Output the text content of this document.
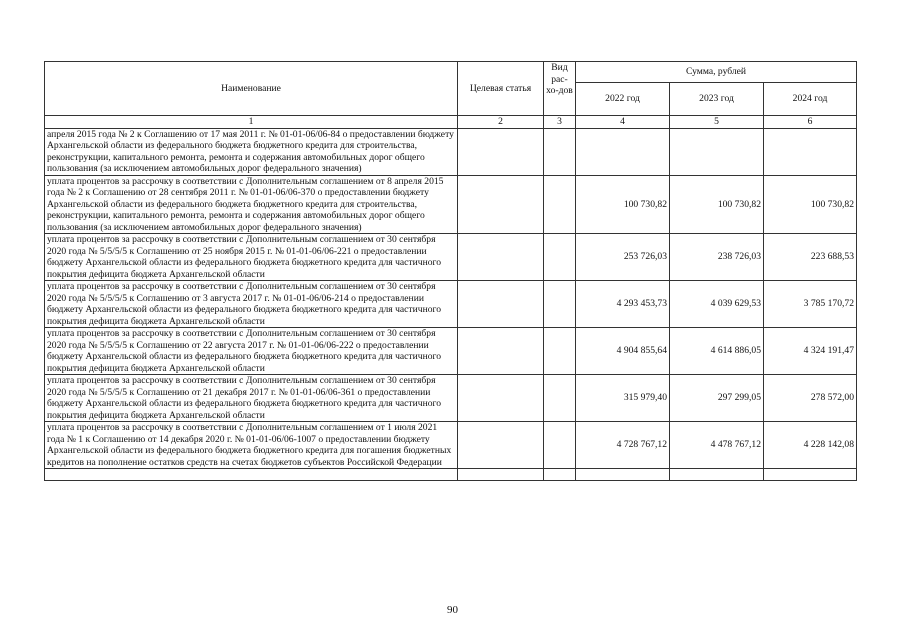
Наименование	Целевая статья	Вид рас-хо-дов	Сумма, рублей		
			2022 год	2023 год	2024 год
1	2	3	4	5	6
апреля 2015 года № 2 к Соглашению от 17 мая 2011 г. № 01-01-06/06-84 о предоставлении бюджету Архангельской области из федерального бюджета бюджетного кредита для строительства, реконструкции, капитального ремонта, ремонта и содержания автомобильных дорог общего пользования (за исключением автомобильных дорог федерального значения)					
уплата процентов за рассрочку в соответствии с Дополнительным соглашением от 8 апреля 2015 года № 2 к Соглашению от 28 сентября 2011 г. № 01-01-06/06-370 о предоставлении бюджету Архангельской области из федерального бюджета бюджетного кредита для строительства, реконструкции, капитального ремонта, ремонта и содержания автомобильных дорог общего пользования (за исключением автомобильных дорог федерального значения)			100 730,82	100 730,82	100 730,82
уплата процентов за рассрочку в соответствии с Дополнительным соглашением от 30 сентября 2020 года № 5/5/5/5 к Соглашению от 25 ноября 2015 г. № 01-01-06/06-221 о предоставлении бюджету Архангельской области из федерального бюджета бюджетного кредита для частичного покрытия дефицита бюджета Архангельской области			253 726,03	238 726,03	223 688,53
уплата процентов за рассрочку в соответствии с Дополнительным соглашением от 30 сентября 2020 года № 5/5/5/5 к Соглашению от 3 августа 2017 г. № 01-01-06/06-214 о предоставлении бюджету Архангельской области из федерального бюджета бюджетного кредита для частичного покрытия дефицита бюджета Архангельской области			4 293 453,73	4 039 629,53	3 785 170,72
уплата процентов за рассрочку в соответствии с Дополнительным соглашением от 30 сентября 2020 года № 5/5/5/5 к Соглашению от 22 августа 2017 г. № 01-01-06/06-222 о предоставлении бюджету Архангельской области из федерального бюджета бюджетного кредита для частичного покрытия дефицита бюджета Архангельской области			4 904 855,64	4 614 886,05	4 324 191,47
уплата процентов за рассрочку в соответствии с Дополнительным соглашением от 30 сентября 2020 года № 5/5/5/5 к Соглашению от 21 декабря 2017 г. № 01-01-06/06-361 о предоставлении бюджету Архангельской области из федерального бюджета бюджетного кредита для частичного покрытия дефицита бюджета Архангельской области			315 979,40	297 299,05	278 572,00
уплата процентов за рассрочку в соответствии с Дополнительным соглашением от 1 июля 2021 года № 1 к Соглашению от 14 декабря 2020 г. № 01-01-06/06-1007 о предоставлении бюджету Архангельской области из федерального бюджета бюджетного кредита для погашения бюджетных кредитов на пополнение остатков средств на счетах бюджетов субъектов Российской Федерации			4 728 767,12	4 478 767,12	4 228 142,08

90
